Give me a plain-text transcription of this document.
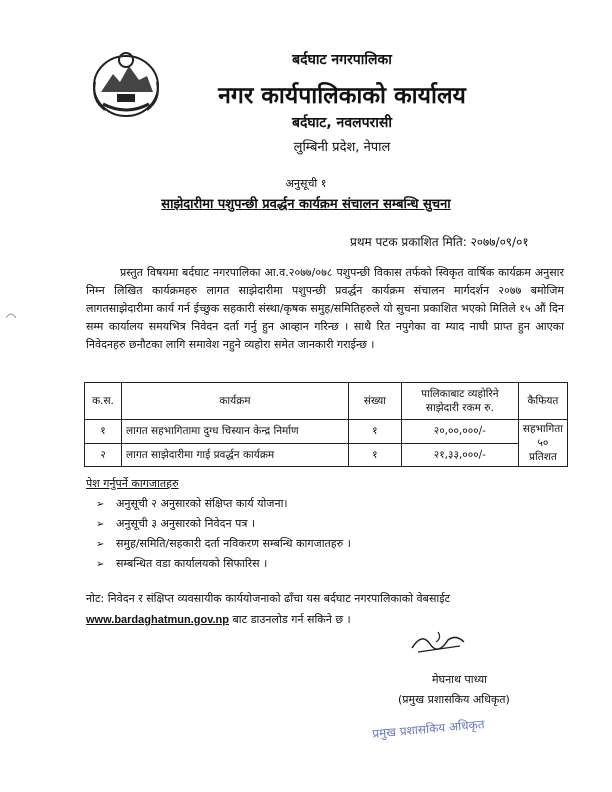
बर्दघाट नगरपालिका
नगर कार्यपालिकाको कार्यालय
बर्दघाट, नवलपरासी
लुम्बिनी प्रदेश, नेपाल
अनुसूची १
साझेदारीमा पशुपन्छी प्रवर्द्धन कार्यक्रम संचालन सम्बन्धि सुचना
प्रथम पटक प्रकाशित मिति: २०७७/०९/०१
प्रस्तुत विषयमा बर्दघाट नगरपालिका आ.व.२०७७/०७८ पशुपन्छी विकास तर्फको स्विकृत वार्षिक कार्यक्रम अनुसार निम्न लिखित कार्यक्रमहरु लागत साझेदारीमा पशुपन्छी प्रवर्द्धन कार्यक्रम संचालन मार्गदर्शन २०७७ बमोजिम लागतसाझेदारीमा कार्य गर्न ईच्छुक सहकारी संस्था/कृषक समुह/समितिहरुले यो सुचना प्रकाशित भएको मितिले १५ औं दिन सम्म कार्यालय समयभित्र निवेदन दर्ता गर्नु हुन आव्हान गरिन्छ । साथै रित नपुगेका वा म्याद नाघी प्राप्त हुन आएका निवेदनहरु छनौटका लागि समावेश नहुने व्यहोरा समेत जानकारी गराईन्छ ।
क.स.	कार्यक्रम	संख्या	पालिकाबाट व्यहोरिने साझेदारी रकम रु.	कैफियत
१	लागत सहभागितामा दुग्ध चिस्यान केन्द्र निर्माण	१	२०,००,०००/-	सहभागिता ५० प्रतिशत
२	लागत साझेदारीमा गाई प्रवर्द्धन कार्यक्रम	१	२१,३३,०००/-	
पेश गर्नुपर्ने कागजातहरु
➢ अनुसूची २ अनुसारको संक्षिप्त कार्य योजना।
➢ अनुसूची ३ अनुसारको निवेदन पत्र ।
➢ समुह/समिति/सहकारी दर्ता नविकरण सम्बन्धि कागजातहरु ।
➢ सम्बन्धित वडा कार्यालयको सिफारिस ।
नोट: निवेदन र संक्षिप्त व्यवसायीक कार्ययोजनाको ढाँचा यस बर्दघाट नगरपालिकाको वेबसाईट
www.bardaghatmun.gov.np बाट डाउनलोड गर्न सकिने छ ।
मेघनाथ पाध्या
(प्रमुख प्रशासकिय अधिकृत)
प्रमुख प्रशासकिय अधिकृत
